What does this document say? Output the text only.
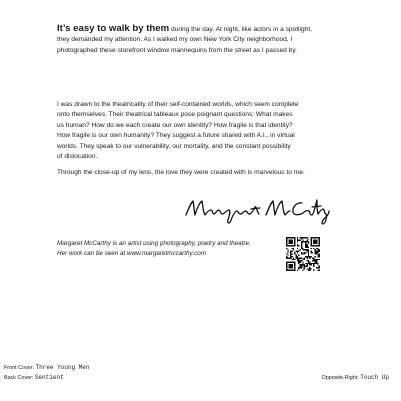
It’s easy to walk by them during the day. At night, like actors in a spotlight,

they demanded my attention. As I walked my own New York City neighborhood, I

photographed these storefront window mannequins from the street as I passed by.

I was drawn to the theatricality of their self-contained worlds, which seem complete

onto themselves. Their theatrical tableaux pose poignant questions: What makes

us human? How do we each create our own identity? How fragile is that identity?

How fragile is our own humanity? They suggest a future shared with A.I., in virtual

worlds. They speak to our vulnerability, our mortality, and the constant possibility

of dislocation.

Through the close-up of my lens, the love they were created with is marvelous to me.

Margaret McCarthy is an artist using photography, poetry and theatre.

Her work can be seen at www.margaretmccarthy.com

Front Cover: Three Young Men
Back Cover: Sentient	Opposite,Right: Touch Up
